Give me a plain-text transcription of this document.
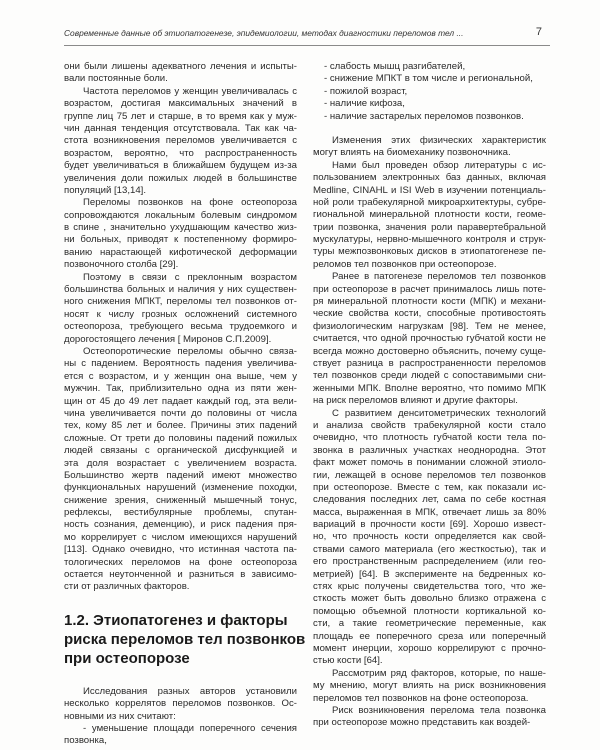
Современные данные об этиопатогенезе, эпидемиологии, методах диагностики переломов тел ...	7
они были лишены адекватного лечения и испыты-
вали постоянные боли.
Частота переломов у женщин увеличивалась с
возрастом, достигая максимальных значений в
группе лиц 75 лет и старше, в то время как у муж-
чин данная тенденция отсутствовала. Так как ча-
стота возникновения переломов увеличивается с
возрастом, вероятно, что распространенность
будет увеличиваться в ближайшем будущем из-за
увеличения доли пожилых людей в большинстве
популяций [13,14].
Переломы позвонков на фоне остеопороза
сопровождаются локальным болевым синдромом
в спине , значительно ухудшающим качество жиз-
ни больных, приводят к постепенному формиро-
ванию нарастающей кифотической деформации
позвоночного столба [29].
Поэтому в связи с преклонным возрастом
большинства больных и наличия у них существен-
ного снижения МПКТ, переломы тел позвонков от-
носят к числу грозных осложнений системного
остеопороза, требующего весьма трудоемкого и
дорогостоящего лечения [ Миронов С.П.2009].
Остеопоротические переломы обычно связа-
ны с падением. Вероятность падения увеличива-
ется с возрастом, и у женщин она выше, чем у
мужчин. Так, приблизительно одна из пяти жен-
щин от 45 до 49 лет падает каждый год, эта вели-
чина увеличивается почти до половины от числа
тех, кому 85 лет и более. Причины этих падений
сложные. От трети до половины падений пожилых
людей связаны с органической дисфункцией и
эта доля возрастает с увеличением возраста.
Большинство жертв падений имеют множество
функциональных нарушений (изменение походки,
снижение зрения, сниженный мышечный тонус,
рефлексы, вестибулярные проблемы, спутан-
ность сознания, деменцию), и риск падения пря-
мо коррелирует с числом имеющихся нарушений
[113]. Однако очевидно, что истинная частота па-
тологических переломов на фоне остеопороза
остается неутонченной и разниться в зависимо-
сти от различных факторов.
1.2. Этиопатогенез и факторы
риска переломов тел позвонков
при остеопорозе
Исследования разных авторов установили
несколько коррелятов переломов позвонков. Ос-
новными из них считают:
- уменьшение площади поперечного сечения
позвонка,
- слабость мышц разгибателей,
- снижение МПКТ в том числе и региональной,
- пожилой возраст,
- наличие кифоза,
- наличие застарелых переломов позвонков.
Изменения этих физических характеристик
могут влиять на биомеханику позвоночника.
Нами был проведен обзор литературы с ис-
пользованием электронных баз данных, включая
Medline, CINAHL и ISI Web в изучении потенциаль-
ной роли трабекулярной микроархитектуры, субре-
гиональной минеральной плотности кости, геоме-
трии позвонка, значения роли паравертебральной
мускулатуры, нервно-мышечного контроля и струк-
туры межпозвонковых дисков в этиопатогенезе пе-
реломов тел позвонков при остеопорозе.
Ранее в патогенезе переломов тел позвонков
при остеопорозе в расчет принималось лишь поте-
ря минеральной плотности кости (МПК) и механи-
ческие свойства кости, способные противостоять
физиологическим нагрузкам [98]. Тем не менее,
считается, что одной прочностью губчатой кости не
всегда можно достоверно объяснить, почему суще-
ствует разница в распространенности переломов
тел позвонков среди людей с сопоставимыми сни-
женными МПК. Вполне вероятно, что помимо МПК
на риск переломов влияют и другие факторы.
С развитием денситометрических технологий
и анализа свойств трабекулярной кости стало
очевидно, что плотность губчатой кости тела по-
звонка в различных участках неоднородна. Этот
факт может помочь в понимании сложной этиоло-
гии, лежащей в основе переломов тел позвонков
при остеопорозе. Вместе с тем, как показали ис-
следования последних лет, сама по себе костная
масса, выраженная в МПК, отвечает лишь за 80%
вариаций в прочности кости [69]. Хорошо извест-
но, что прочность кости определяется как свой-
ствами самого материала (его жесткостью), так и
его пространственным распределением (или гео-
метрией) [64]. В эксперименте на бедренных ко-
стях крыс получены свидетельства того, что же-
сткость может быть довольно близко отражена с
помощью объемной плотности кортикальной ко-
сти, а такие геометрические переменные, как
площадь ее поперечного среза или поперечный
момент инерции, хорошо коррелируют с прочно-
стью кости [64].
Рассмотрим ряд факторов, которые, по наше-
му мнению, могут влиять на риск возникновения
переломов тел позвонков на фоне остеопороза.
Риск возникновения перелома тела позвонка
при остеопорозе можно представить как воздей-
